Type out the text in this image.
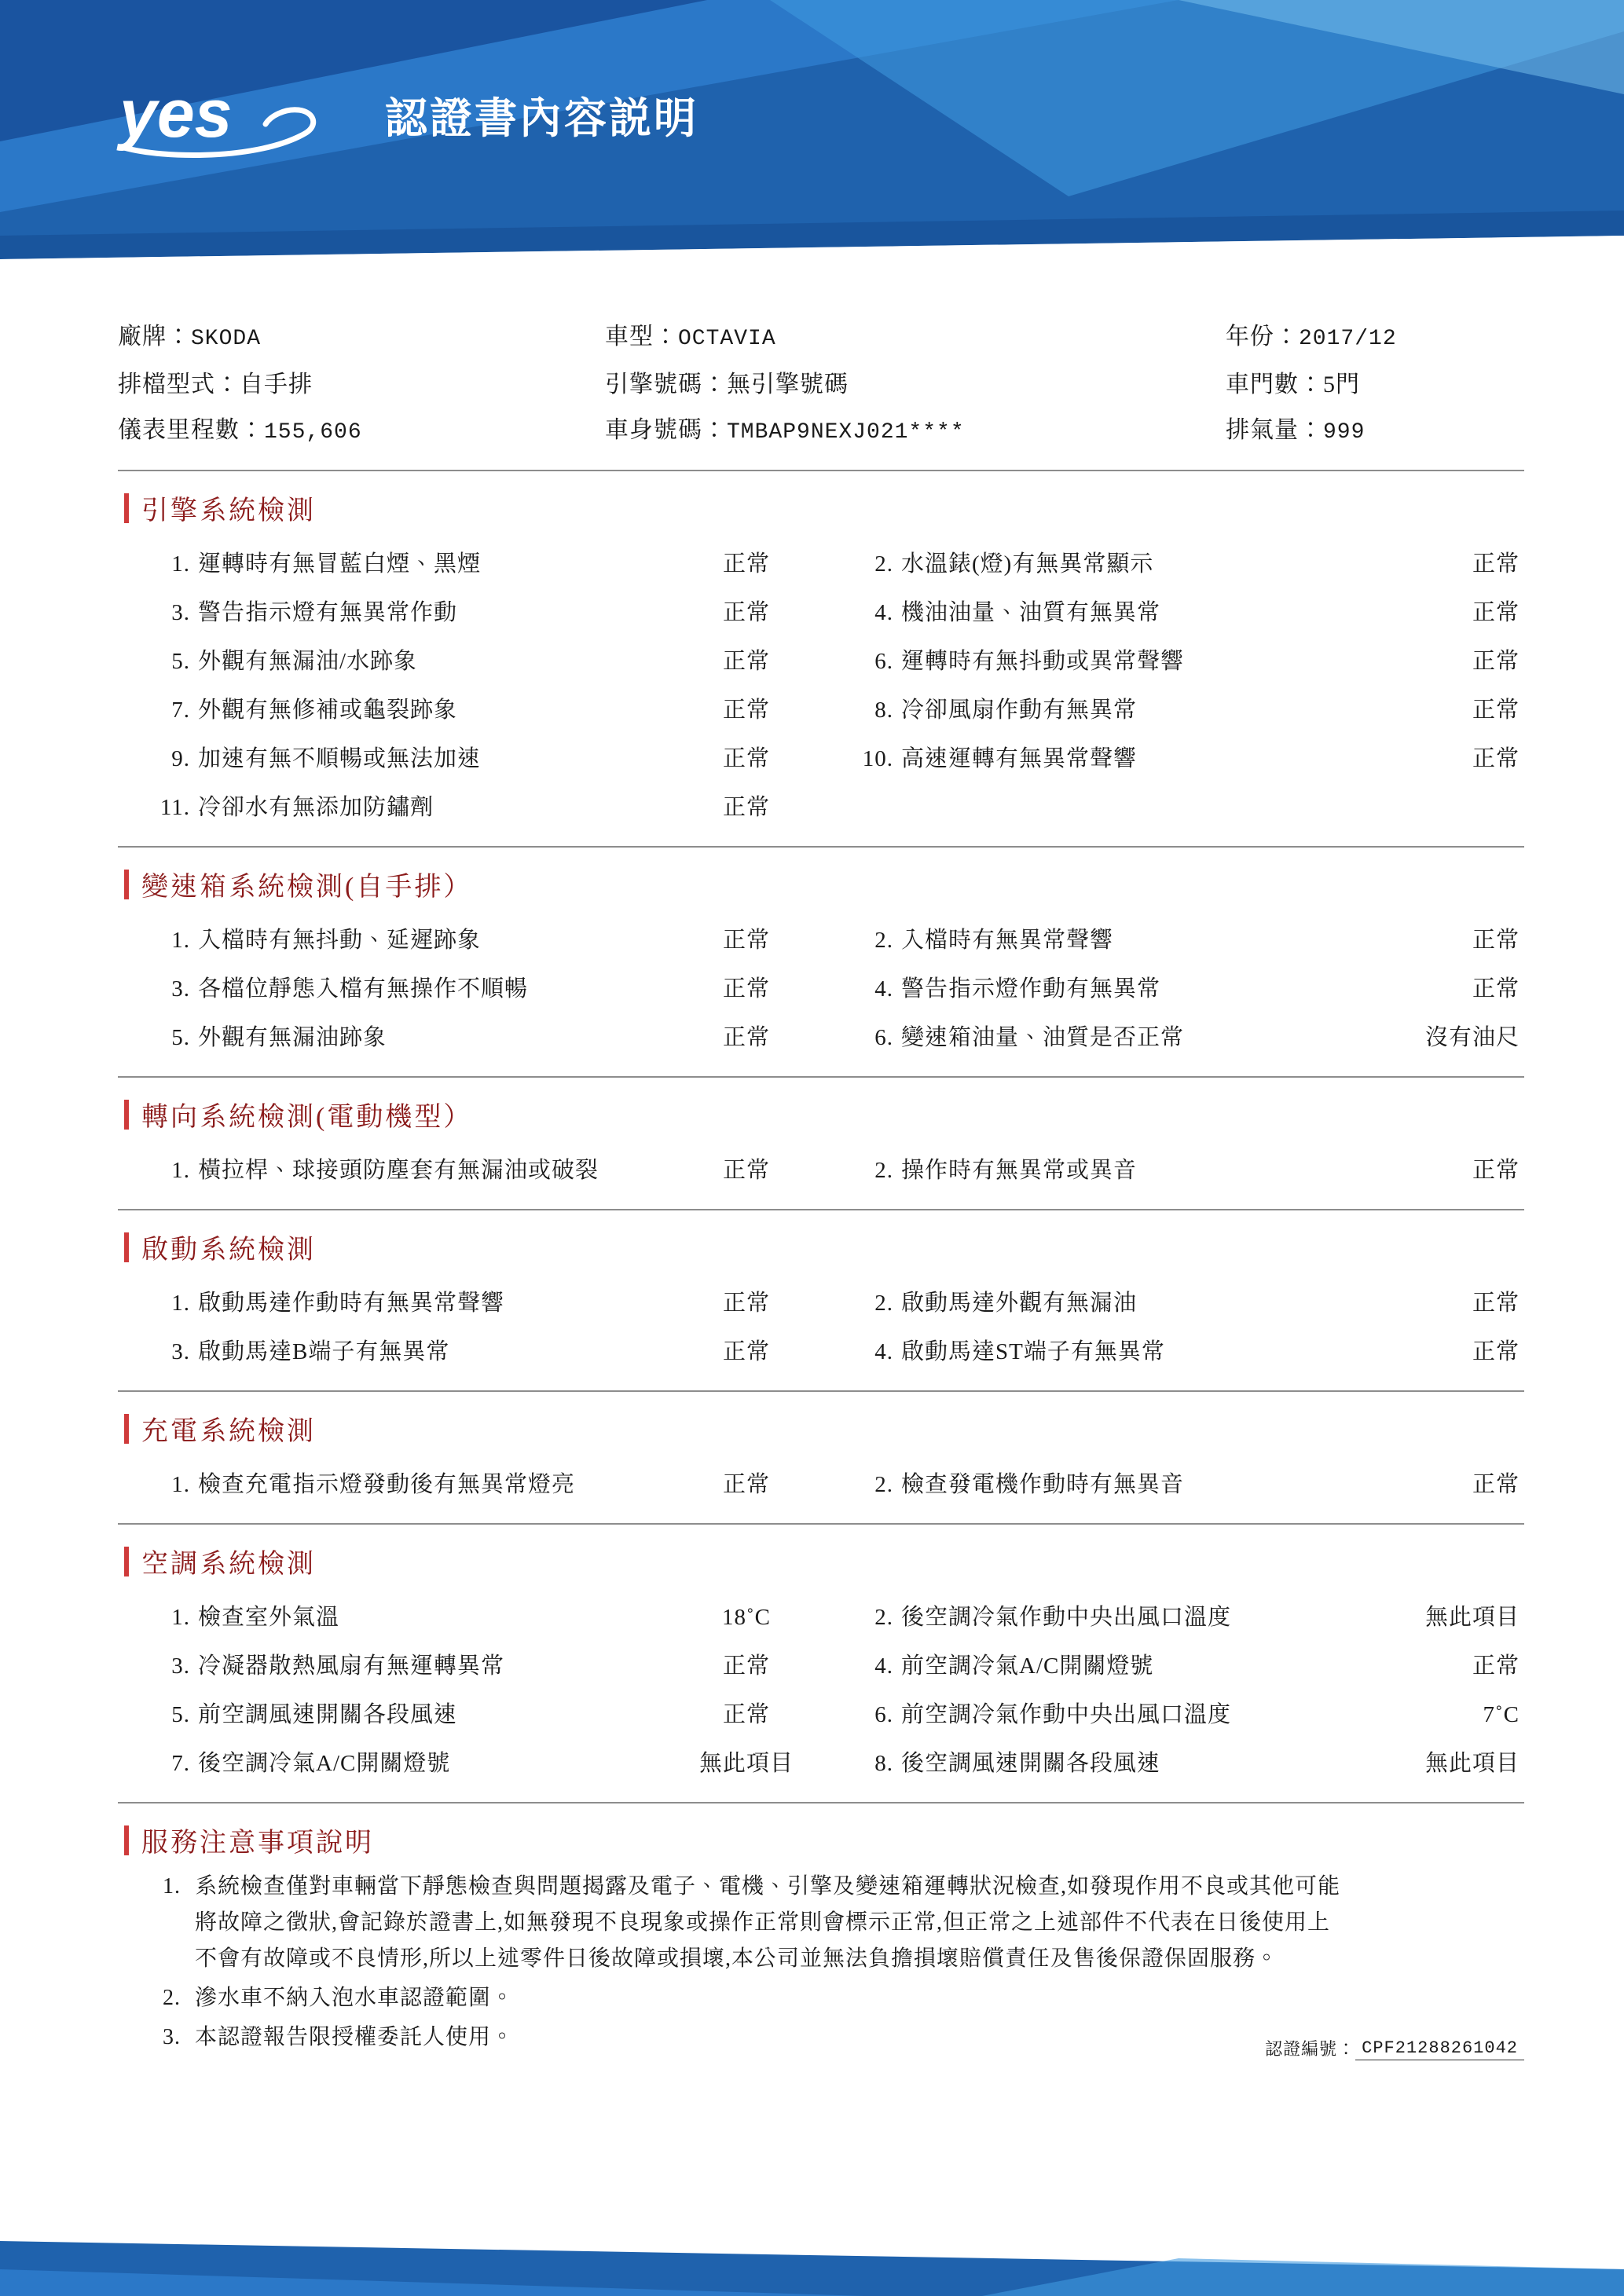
yes	認證書內容説明
廠牌：SKODA	車型：OCTAVIA	年份：2017/12
排檔型式：自手排	引擎號碼：無引擎號碼	車門數：5門
儀表里程數：155,606	車身號碼：TMBAP9NEXJ021****	排氣量：999
引擎系統檢測
1. 運轉時有無冒藍白煙、黑煙	正常	2. 水溫錶(燈)有無異常顯示	正常
3. 警告指示燈有無異常作動	正常	4. 機油油量、油質有無異常	正常
5. 外觀有無漏油/水跡象	正常	6. 運轉時有無抖動或異常聲響	正常
7. 外觀有無修補或龜裂跡象	正常	8. 冷卻風扇作動有無異常	正常
9. 加速有無不順暢或無法加速	正常	10. 高速運轉有無異常聲響	正常
11. 冷卻水有無添加防鏽劑	正常
變速箱系統檢測(自手排）
1. 入檔時有無抖動、延遲跡象	正常	2. 入檔時有無異常聲響	正常
3. 各檔位靜態入檔有無操作不順暢	正常	4. 警告指示燈作動有無異常	正常
5. 外觀有無漏油跡象	正常	6. 變速箱油量、油質是否正常	沒有油尺
轉向系統檢測(電動機型）
1. 橫拉桿、球接頭防塵套有無漏油或破裂	正常	2. 操作時有無異常或異音	正常
啟動系統檢測
1. 啟動馬達作動時有無異常聲響	正常	2. 啟動馬達外觀有無漏油	正常
3. 啟動馬達B端子有無異常	正常	4. 啟動馬達ST端子有無異常	正常
充電系統檢測
1. 檢查充電指示燈發動後有無異常燈亮	正常	2. 檢查發電機作動時有無異音	正常
空調系統檢測
1. 檢查室外氣溫	18˚C	2. 後空調冷氣作動中央出風口溫度	無此項目
3. 冷凝器散熱風扇有無運轉異常	正常	4. 前空調冷氣A/C開關燈號	正常
5. 前空調風速開關各段風速	正常	6. 前空調冷氣作動中央出風口溫度	7˚C
7. 後空調冷氣A/C開關燈號	無此項目	8. 後空調風速開關各段風速	無此項目
服務注意事項說明
1. 系統檢查僅對車輛當下靜態檢查與問題揭露及電子、電機、引擎及變速箱運轉狀況檢查,如發現作用不良或其他可能
將故障之徵狀,會記錄於證書上,如無發現不良現象或操作正常則會標示正常,但正常之上述部件不代表在日後使用上
不會有故障或不良情形,所以上述零件日後故障或損壞,本公司並無法負擔損壞賠償責任及售後保證保固服務。
2. 滲水車不納入泡水車認證範圍。
3. 本認證報告限授權委託人使用。	認證編號： CPF21288261042
